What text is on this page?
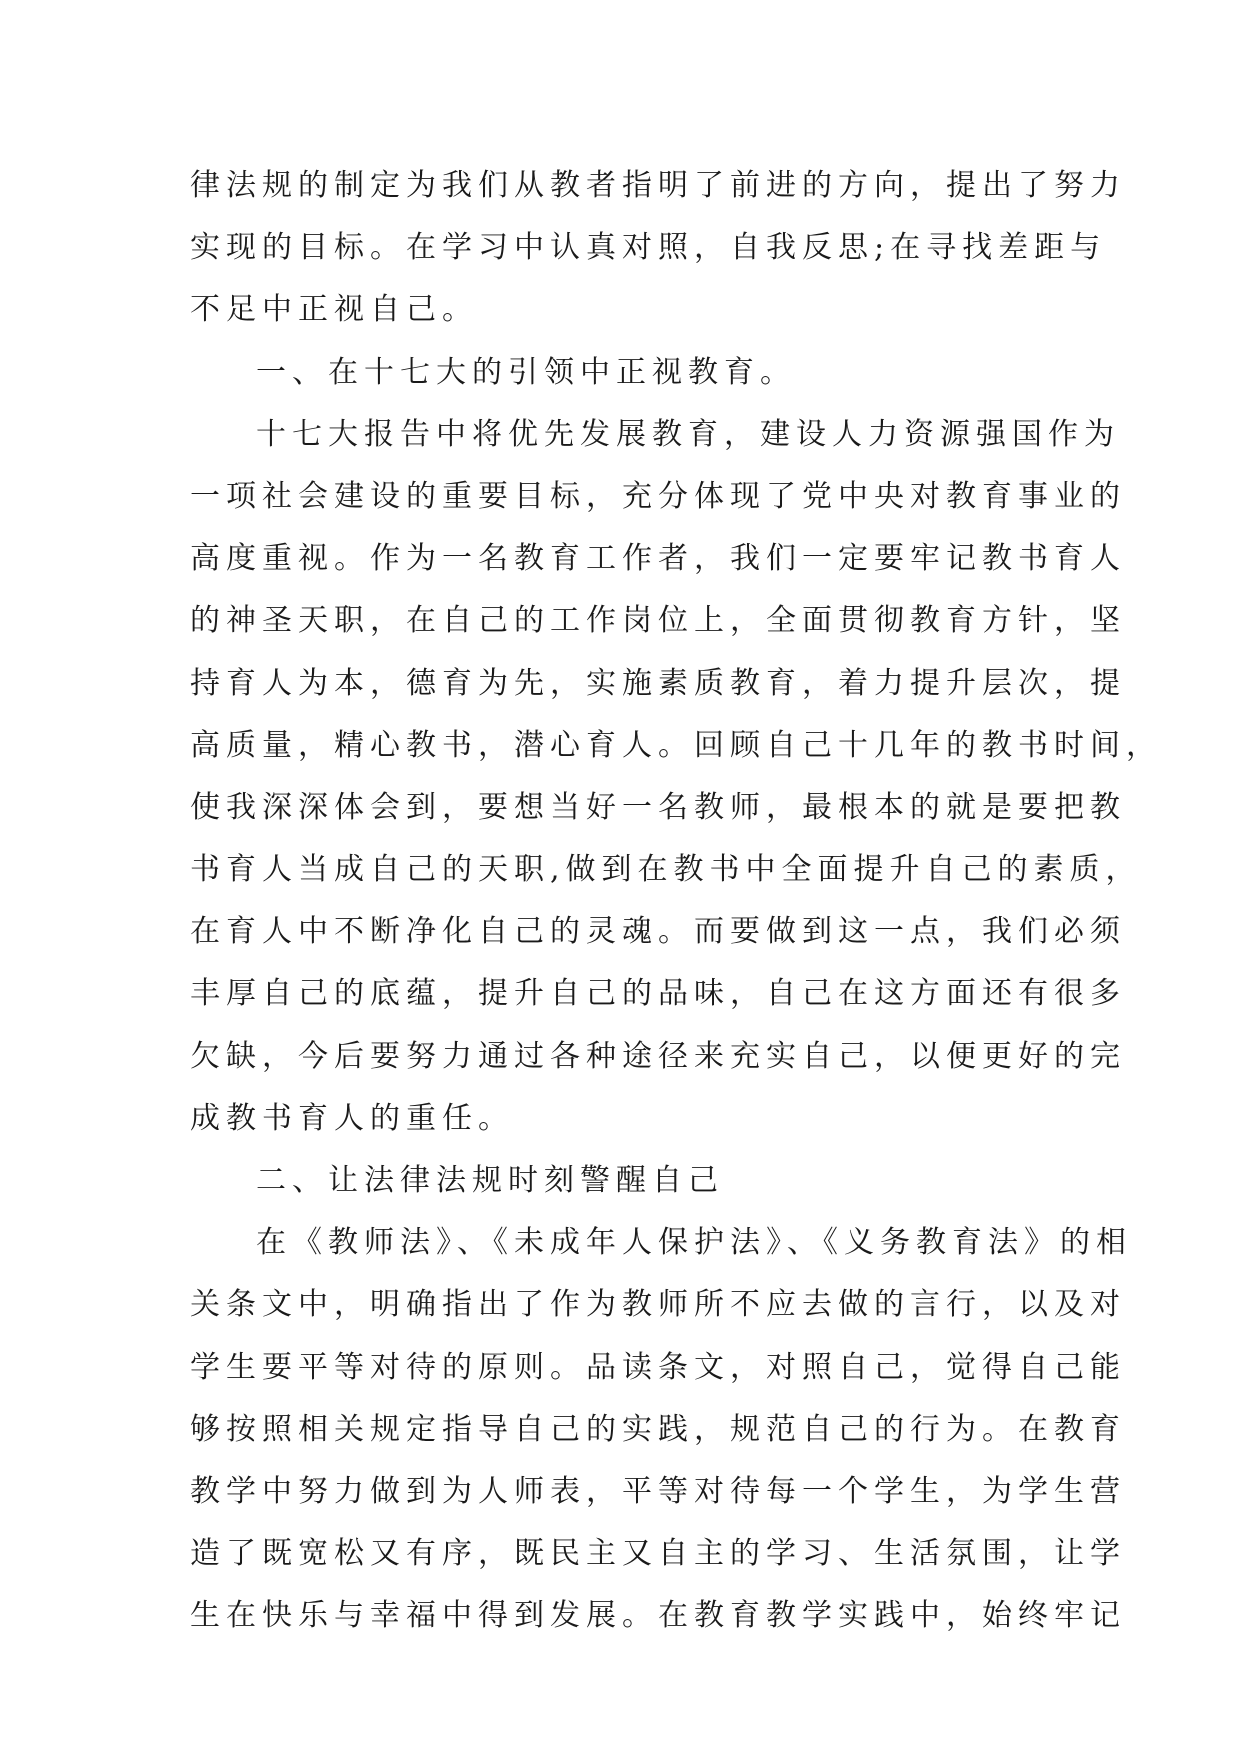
律法规的制定为我们从教者指明了前进的方向，提出了努力
实现的目标。在学习中认真对照，自我反思;在寻找差距与
不足中正视自己。
一、在十七大的引领中正视教育。
十七大报告中将优先发展教育，建设人力资源强国作为
一项社会建设的重要目标，充分体现了党中央对教育事业的
高度重视。作为一名教育工作者，我们一定要牢记教书育人
的神圣天职，在自己的工作岗位上，全面贯彻教育方针，坚
持育人为本，德育为先，实施素质教育，着力提升层次，提
高质量，精心教书，潜心育人。回顾自己十几年的教书时间，
使我深深体会到，要想当好一名教师，最根本的就是要把教
书育人当成自己的天职,做到在教书中全面提升自己的素质，
在育人中不断净化自己的灵魂。而要做到这一点，我们必须
丰厚自己的底蕴，提升自己的品味，自己在这方面还有很多
欠缺，今后要努力通过各种途径来充实自己，以便更好的完
成教书育人的重任。
二、让法律法规时刻警醒自己
在《教师法》、《未成年人保护法》、《义务教育法》的相
关条文中，明确指出了作为教师所不应去做的言行，以及对
学生要平等对待的原则。品读条文，对照自己，觉得自己能
够按照相关规定指导自己的实践，规范自己的行为。在教育
教学中努力做到为人师表，平等对待每一个学生，为学生营
造了既宽松又有序，既民主又自主的学习、生活氛围，让学
生在快乐与幸福中得到发展。在教育教学实践中，始终牢记
